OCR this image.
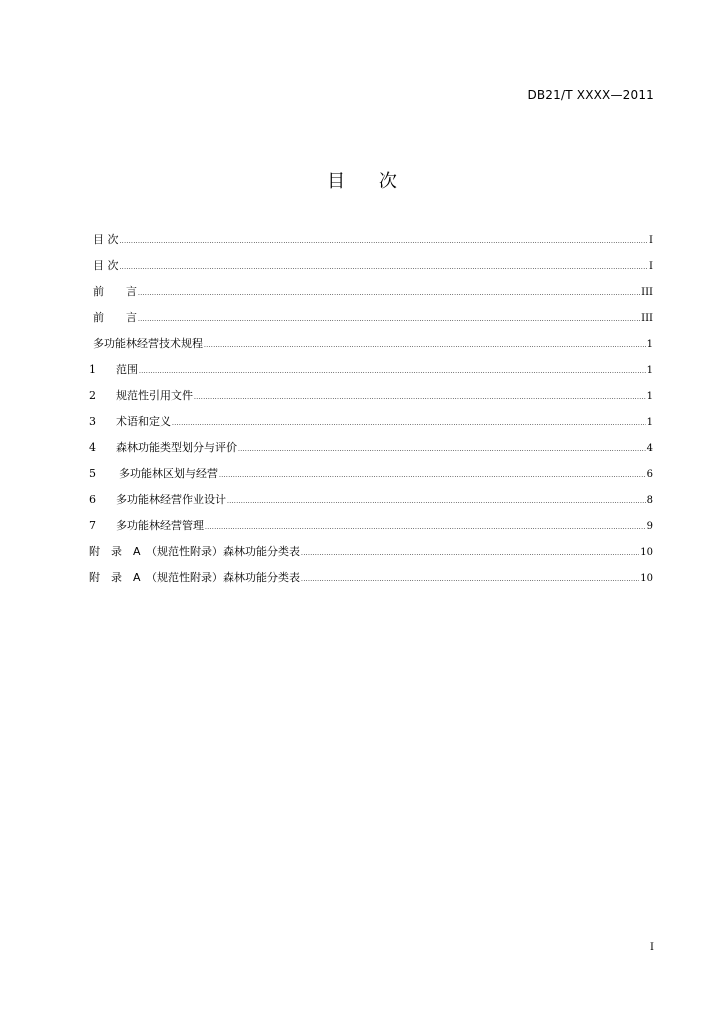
DB21/T XXXX—2011
目 次
目 次 .....	I
目 次 .....	I
前　　言 .....	III
前　　言 .....	III
多功能林经营技术规程 .....	1
1	范围 .....	1
2	规范性引用文件 .....	1
3	术语和定义 .....	1
4	森林功能类型划分与评价 .....	4
5	多功能林区划与经营 .....	6
6	多功能林经营作业设计 .....	8
7	多功能林经营管理 .....	9
附　录　A　（规范性附录）森林功能分类表 .....	10
附　录　A　（规范性附录）森林功能分类表 .....	10
I
